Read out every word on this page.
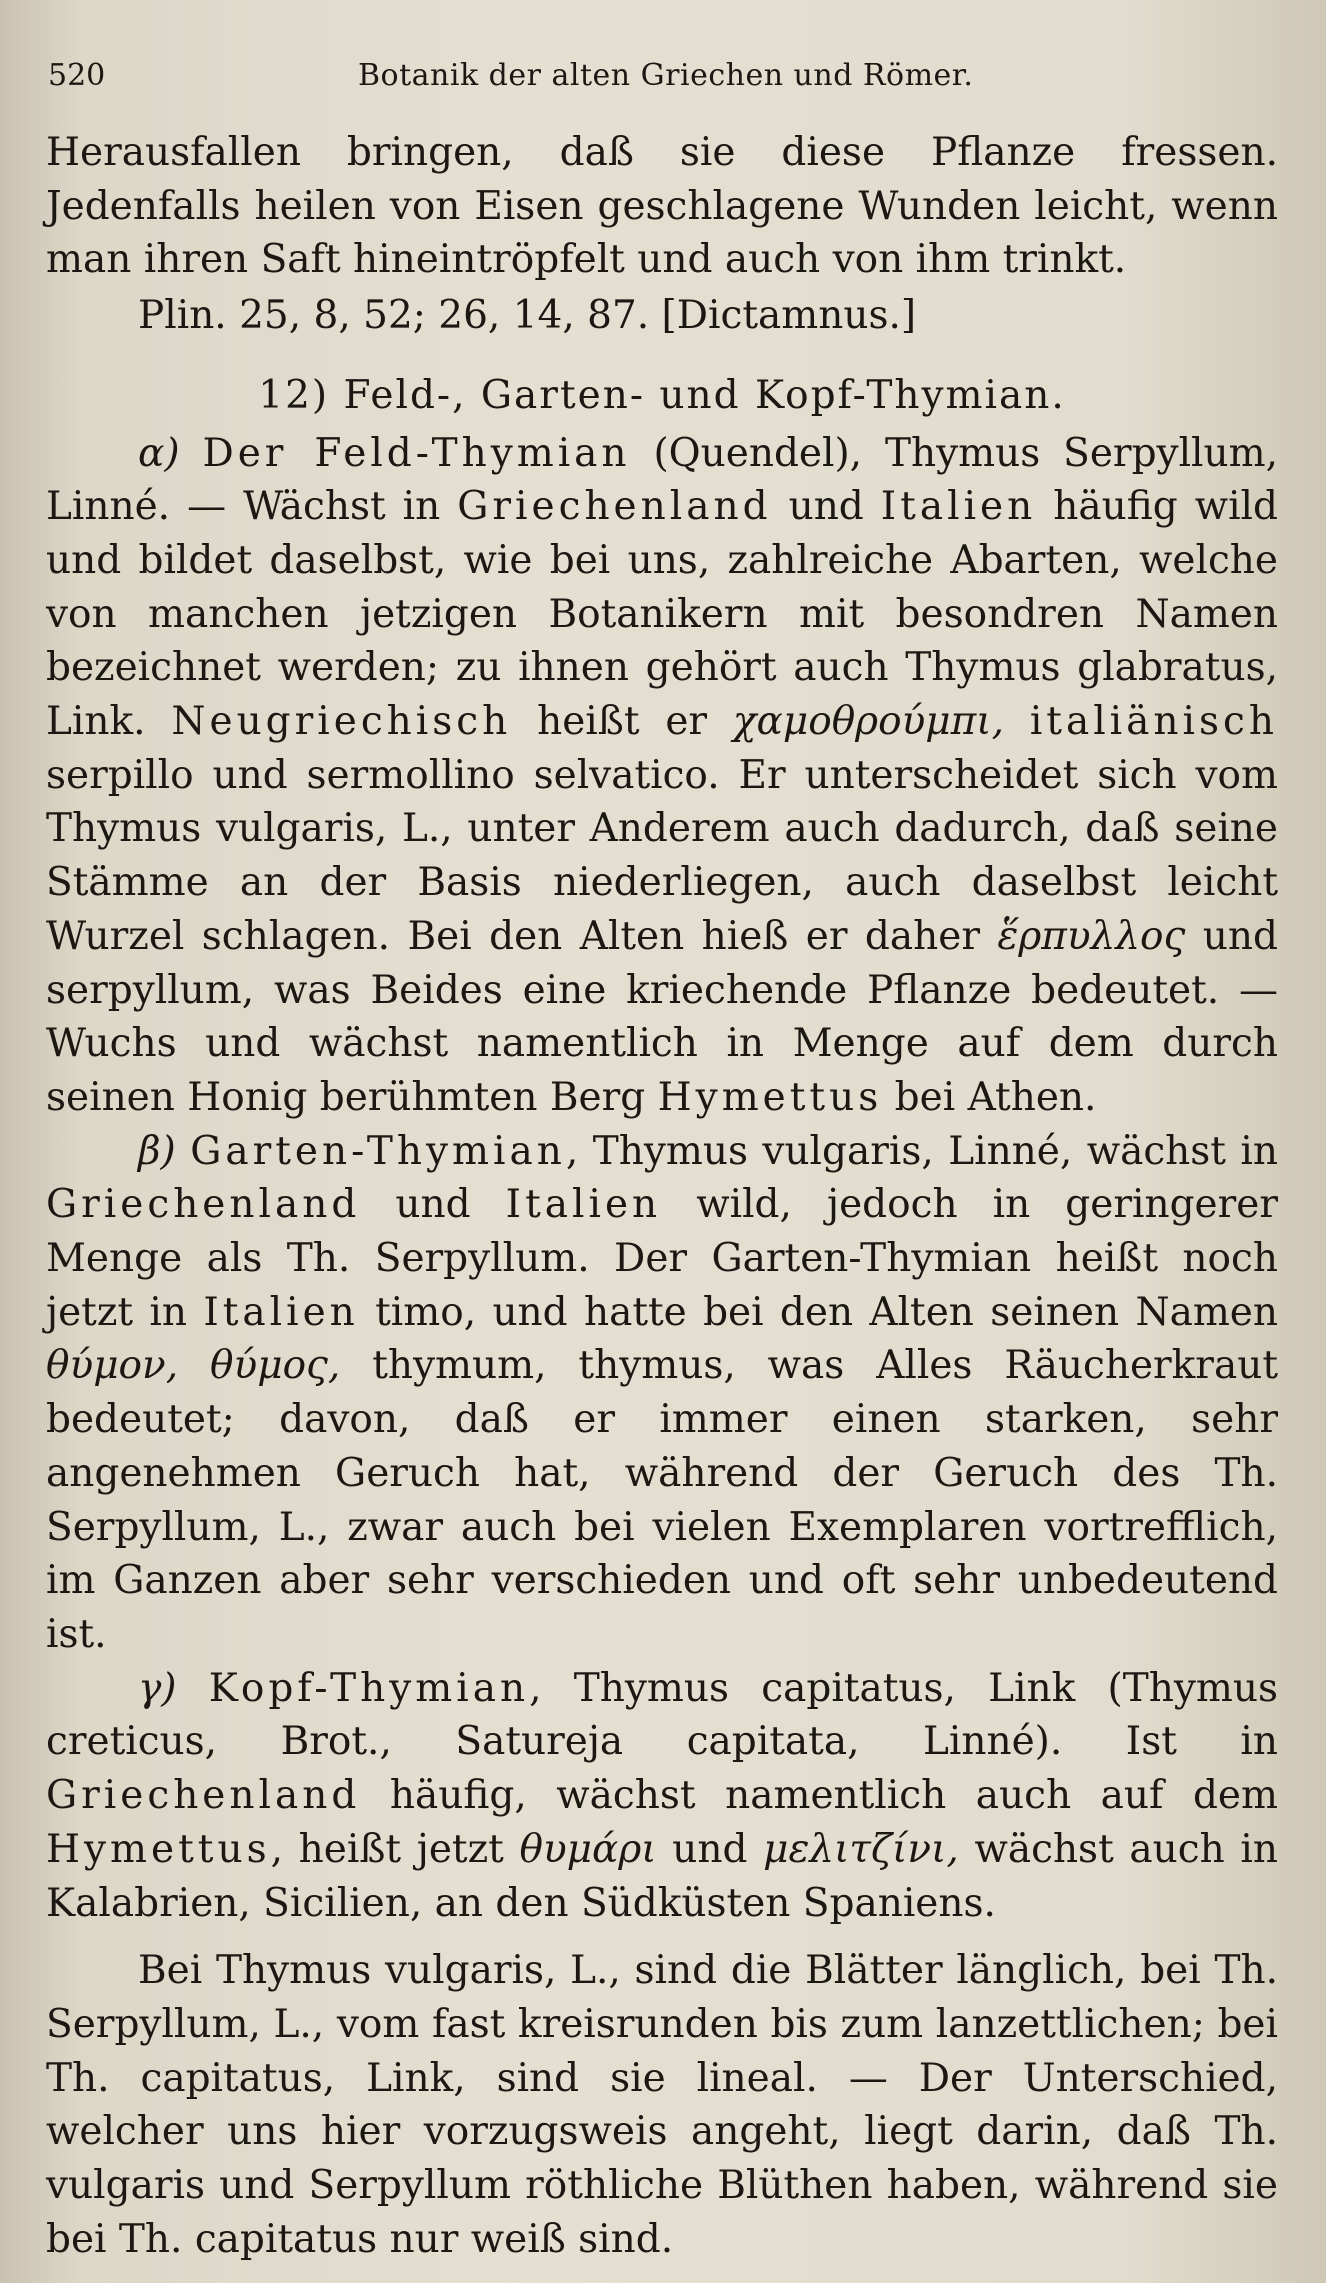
520	Botanik der alten Griechen und Römer.

Herausfallen bringen, daß sie diese Pflanze fressen. Jedenfalls heilen von Eisen geschlagene Wunden leicht, wenn man ihren Saft hineintröpfelt und auch von ihm trinkt.

Plin. 25, 8, 52; 26, 14, 87. [Dictamnus.]

12) Feld-, Garten- und Kopf-Thymian.

α) Der Feld-Thymian (Quendel), Thymus Serpyllum, Linné. — Wächst in Griechenland und Italien häufig wild und bildet daselbst, wie bei uns, zahlreiche Abarten, welche von manchen jetzigen Botanikern mit besondren Namen bezeichnet werden; zu ihnen gehört auch Thymus glabratus, Link. Neugriechisch heißt er χαμοθρούμπι, italiänisch serpillo und sermollino selvatico. Er unterscheidet sich vom Thymus vulgaris, L., unter Anderem auch dadurch, daß seine Stämme an der Basis niederliegen, auch daselbst leicht Wurzel schlagen. Bei den Alten hieß er daher ἕρπυλλος und serpyllum, was Beides eine kriechende Pflanze bedeutet. — Wuchs und wächst namentlich in Menge auf dem durch seinen Honig berühmten Berg Hymettus bei Athen.

β) Garten-Thymian, Thymus vulgaris, Linné, wächst in Griechenland und Italien wild, jedoch in geringerer Menge als Th. Serpyllum. Der Garten-Thymian heißt noch jetzt in Italien timo, und hatte bei den Alten seinen Namen θύμον, θύμος, thymum, thymus, was Alles Räucherkraut bedeutet; davon, daß er immer einen starken, sehr angenehmen Geruch hat, während der Geruch des Th. Serpyllum, L., zwar auch bei vielen Exemplaren vortrefflich, im Ganzen aber sehr verschieden und oft sehr unbedeutend ist.

γ) Kopf-Thymian, Thymus capitatus, Link (Thymus creticus, Brot., Satureja capitata, Linné). Ist in Griechenland häufig, wächst namentlich auch auf dem Hymettus, heißt jetzt θυμάρι und μελιτζίνι, wächst auch in Kalabrien, Sicilien, an den Südküsten Spaniens.

Bei Thymus vulgaris, L., sind die Blätter länglich, bei Th. Serpyllum, L., vom fast kreisrunden bis zum lanzettlichen; bei Th. capitatus, Link, sind sie lineal. — Der Unterschied, welcher uns hier vorzugsweis angeht, liegt darin, daß Th. vulgaris und Serpyllum röthliche Blüthen haben, während sie bei Th. capitatus nur weiß sind.
